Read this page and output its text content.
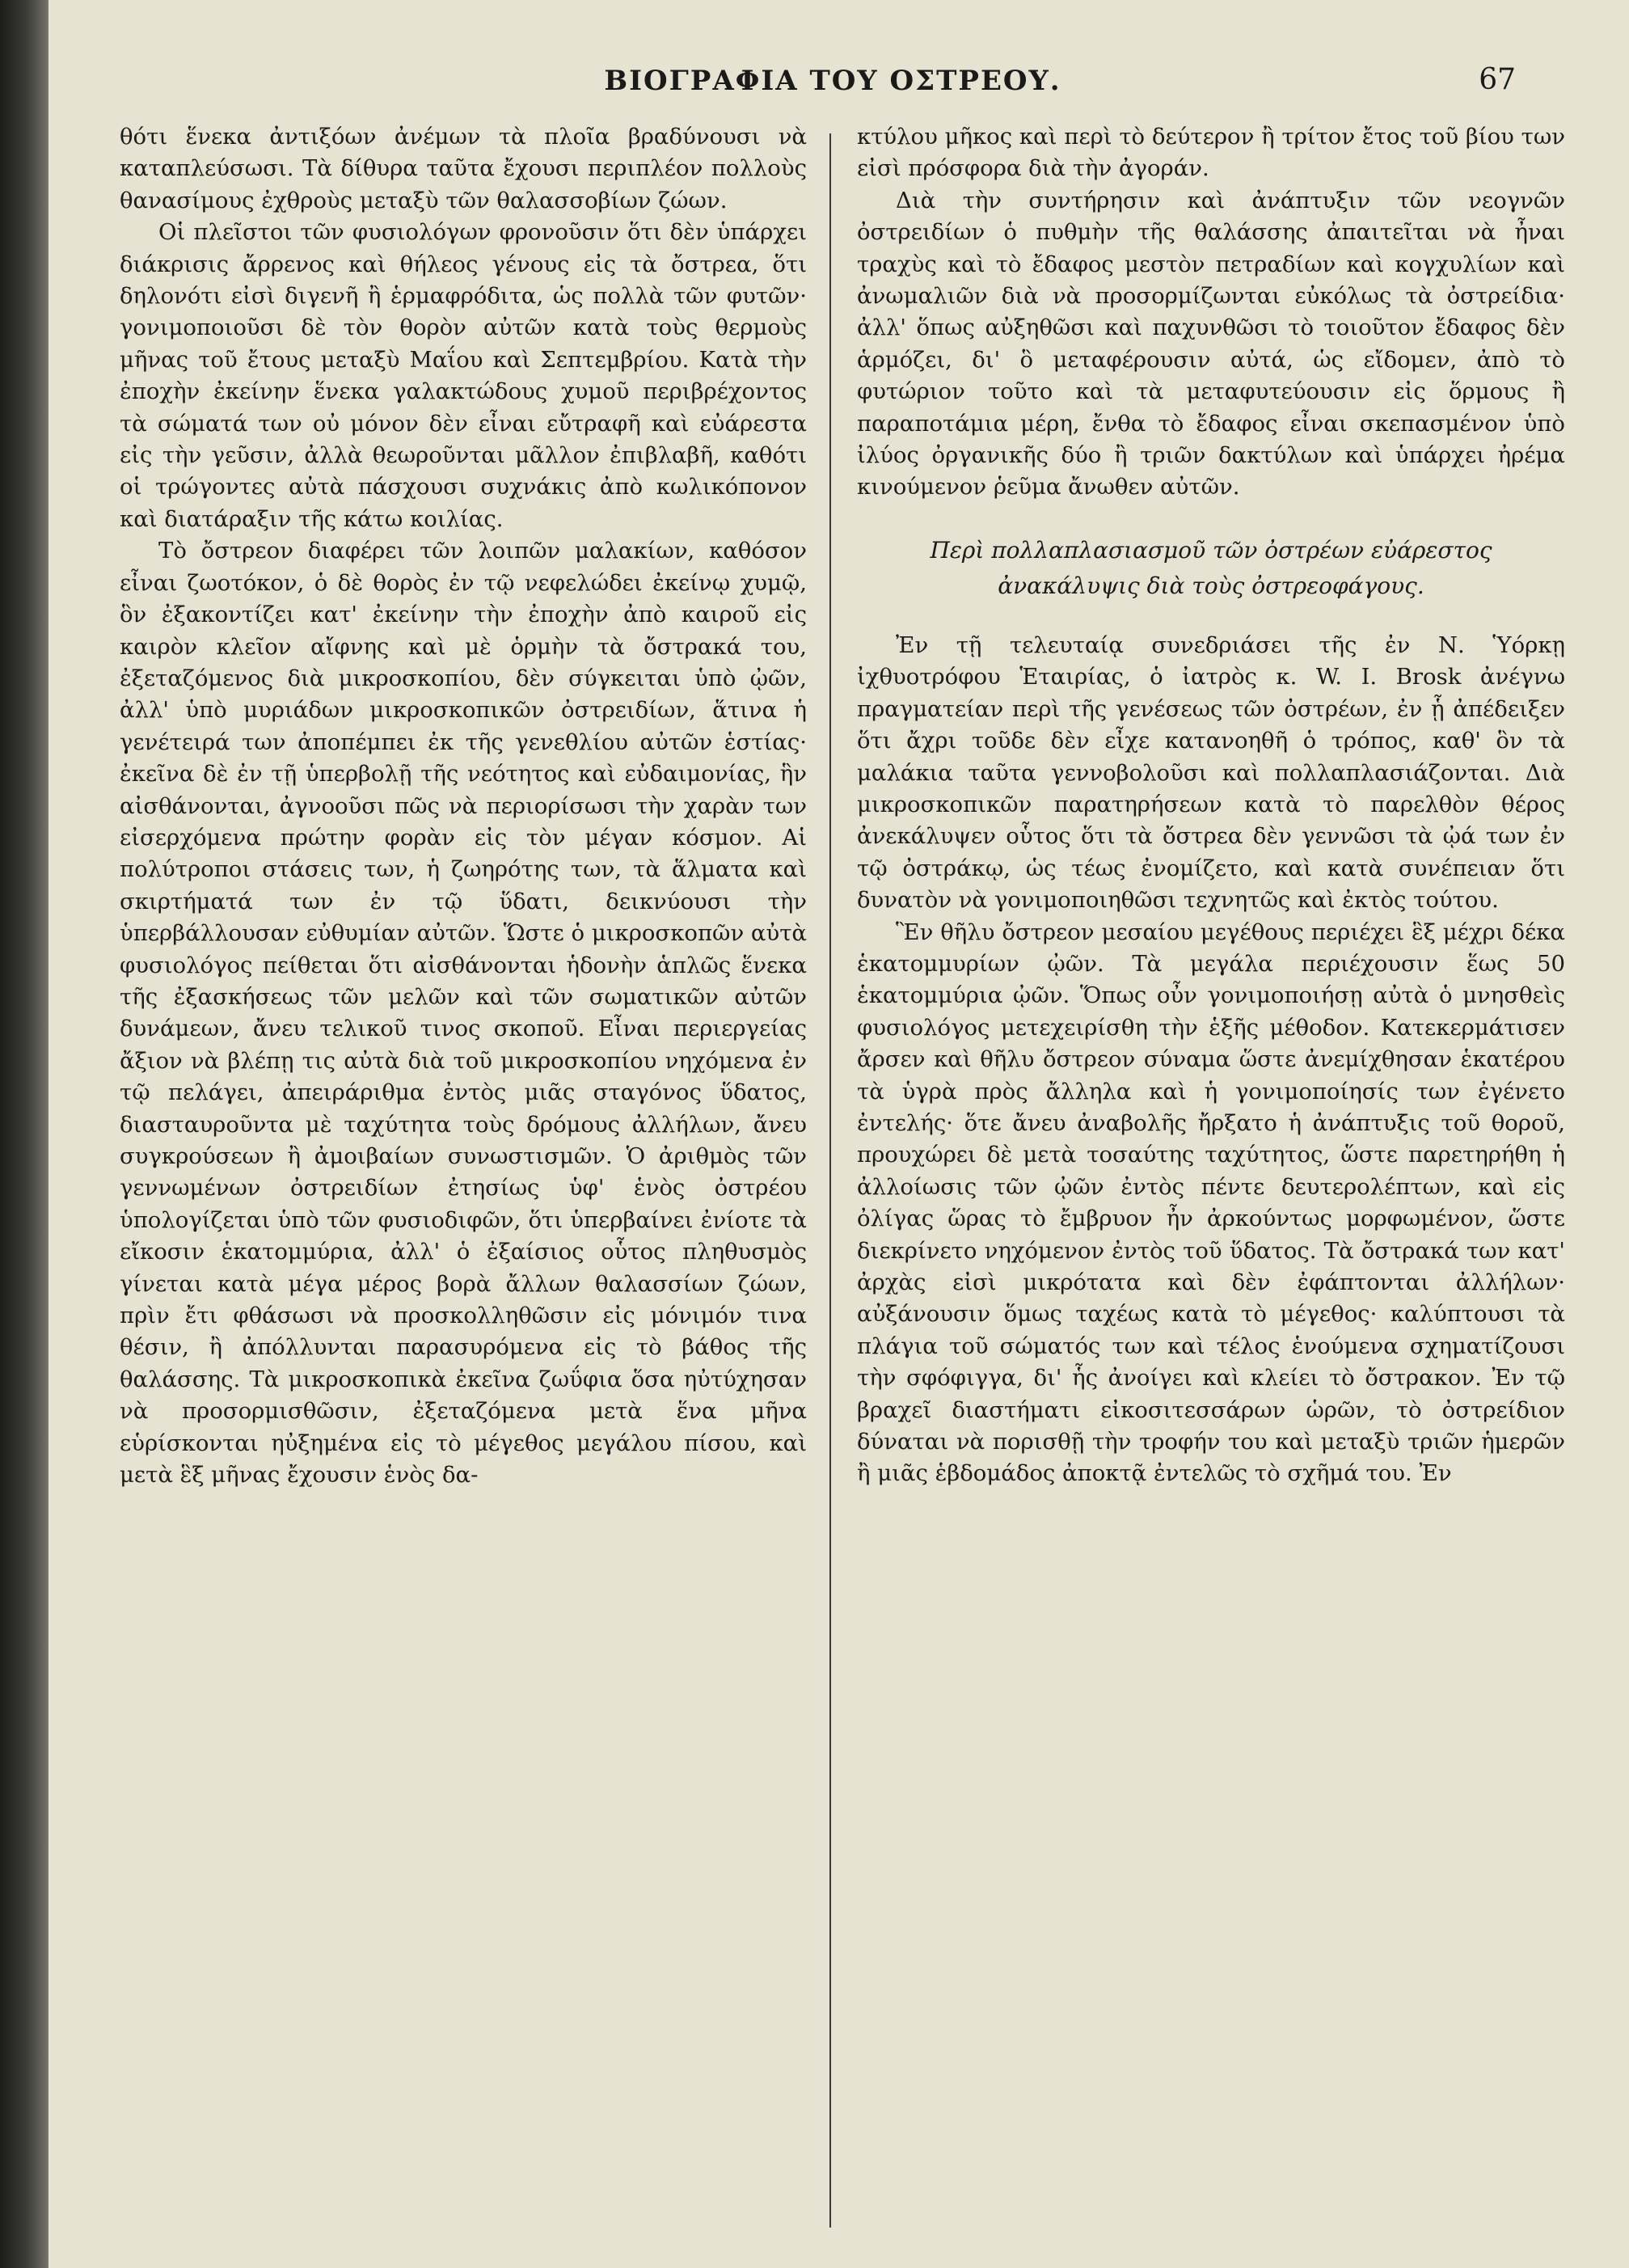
ΒΙΟΓΡΑΦΙΑ ΤΟΥ ΟΣΤΡΕΟΥ.	67

θότι ἕνεκα ἀντιξόων ἀνέμων τὰ πλοῖα βραδύνουσι νὰ καταπλεύσωσι. Τὰ δίθυρα ταῦτα ἔχουσι περιπλέον πολλοὺς θανασίμους ἐχθροὺς μεταξὺ τῶν θαλασσοβίων ζώων.

Οἱ πλεῖστοι τῶν φυσιολόγων φρονοῦσιν ὅτι δὲν ὑπάρχει διάκρισις ἄρρενος καὶ θήλεος γένους εἰς τὰ ὄστρεα, ὅτι δηλονότι εἰσὶ διγενῆ ἢ ἑρμαφρόδιτα, ὡς πολλὰ τῶν φυτῶν· γονιμοποιοῦσι δὲ τὸν θορὸν αὐτῶν κατὰ τοὺς θερμοὺς μῆνας τοῦ ἔτους μεταξὺ Μαΐου καὶ Σεπτεμβρίου. Κατὰ τὴν ἐποχὴν ἐκείνην ἕνεκα γαλακτώδους χυμοῦ περιβρέχοντος τὰ σώματά των οὐ μόνον δὲν εἶναι εὔτραφῆ καὶ εὐάρεστα εἰς τὴν γεῦσιν, ἀλλὰ θεωροῦνται μᾶλλον ἐπιβλαβῆ, καθότι οἱ τρώγοντες αὐτὰ πάσχουσι συχνάκις ἀπὸ κωλικόπονον καὶ διατάραξιν τῆς κάτω κοιλίας.

Τὸ ὄστρεον διαφέρει τῶν λοιπῶν μαλακίων, καθόσον εἶναι ζωοτόκον, ὁ δὲ θορὸς ἐν τῷ νεφελώδει ἐκείνῳ χυμῷ, ὃν ἐξακοντίζει κατ' ἐκείνην τὴν ἐποχὴν ἀπὸ καιροῦ εἰς καιρὸν κλεῖον αἴφνης καὶ μὲ ὁρμὴν τὰ ὄστρακά του, ἐξεταζόμενος διὰ μικροσκοπίου, δὲν σύγκειται ὑπὸ ᾠῶν, ἀλλ' ὑπὸ μυριάδων μικροσκοπικῶν ὀστρειδίων, ἅτινα ἡ γενέτειρά των ἀποπέμπει ἐκ τῆς γενεθλίου αὐτῶν ἑστίας· ἐκεῖνα δὲ ἐν τῇ ὑπερβολῇ τῆς νεότητος καὶ εὐδαιμονίας, ἣν αἰσθάνονται, ἀγνοοῦσι πῶς νὰ περιορίσωσι τὴν χαρὰν των εἰσερχόμενα πρώτην φορὰν εἰς τὸν μέγαν κόσμον. Αἱ πολύτροποι στάσεις των, ἡ ζωηρότης των, τὰ ἅλματα καὶ σκιρτήματά των ἐν τῷ ὕδατι, δεικνύουσι τὴν ὑπερβάλλουσαν εὐθυμίαν αὐτῶν. Ὥστε ὁ μικροσκοπῶν αὐτὰ φυσιολόγος πείθεται ὅτι αἰσθάνονται ἡδονὴν ἁπλῶς ἕνεκα τῆς ἐξασκήσεως τῶν μελῶν καὶ τῶν σωματικῶν αὐτῶν δυνάμεων, ἄνευ τελικοῦ τινος σκοποῦ. Εἶναι περιεργείας ἄξιον νὰ βλέπῃ τις αὐτὰ διὰ τοῦ μικροσκοπίου νηχόμενα ἐν τῷ πελάγει, ἀπειράριθμα ἐντὸς μιᾶς σταγόνος ὕδατος, διασταυροῦντα μὲ ταχύτητα τοὺς δρόμους ἀλλήλων, ἄνευ συγκρούσεων ἢ ἀμοιβαίων συνωστισμῶν. Ὁ ἀριθμὸς τῶν γεννωμένων ὀστρειδίων ἐτησίως ὑφ' ἑνὸς ὀστρέου ὑπολογίζεται ὑπὸ τῶν φυσιοδιφῶν, ὅτι ὑπερβαίνει ἐνίοτε τὰ εἴκοσιν ἑκατομμύρια, ἀλλ' ὁ ἐξαίσιος οὗτος πληθυσμὸς γίνεται κατὰ μέγα μέρος βορὰ ἄλλων θαλασσίων ζώων, πρὶν ἔτι φθάσωσι νὰ προσκολληθῶσιν εἰς μόνιμόν τινα θέσιν, ἢ ἀπόλλυνται παρασυρόμενα εἰς τὸ βάθος τῆς θαλάσσης. Τὰ μικροσκοπικὰ ἐκεῖνα ζωΰφια ὅσα ηὐτύχησαν νὰ προσορμισθῶσιν, ἐξεταζόμενα μετὰ ἕνα μῆνα εὑρίσκονται ηὐξημένα εἰς τὸ μέγεθος μεγάλου πίσου, καὶ μετὰ ἓξ μῆνας ἔχουσιν ἑνὸς δα-

κτύλου μῆκος καὶ περὶ τὸ δεύτερον ἢ τρίτον ἔτος τοῦ βίου των εἰσὶ πρόσφορα διὰ τὴν ἀγοράν.

Διὰ τὴν συντήρησιν καὶ ἀνάπτυξιν τῶν νεογνῶν ὀστρειδίων ὁ πυθμὴν τῆς θαλάσσης ἀπαιτεῖται νὰ ἦναι τραχὺς καὶ τὸ ἔδαφος μεστὸν πετραδίων καὶ κογχυλίων καὶ ἀνωμαλιῶν διὰ νὰ προσορμίζωνται εὐκόλως τὰ ὀστρείδια· ἀλλ' ὅπως αὐξηθῶσι καὶ παχυνθῶσι τὸ τοιοῦτον ἔδαφος δὲν ἁρμόζει, δι' ὃ μεταφέρουσιν αὐτά, ὡς εἴδομεν, ἀπὸ τὸ φυτώριον τοῦτο καὶ τὰ μεταφυτεύουσιν εἰς ὅρμους ἢ παραποτάμια μέρη, ἔνθα τὸ ἔδαφος εἶναι σκεπασμένον ὑπὸ ἰλύος ὀργανικῆς δύο ἢ τριῶν δακτύλων καὶ ὑπάρχει ἠρέμα κινούμενον ῥεῦμα ἄνωθεν αὐτῶν.

Περὶ πολλαπλασιασμοῦ τῶν ὀστρέων εὐάρεστος ἀνακάλυψις διὰ τοὺς ὀστρεοφάγους.

Ἐν τῇ τελευταίᾳ συνεδριάσει τῆς ἐν Ν. Ὑόρκῃ ἰχθυοτρόφου Ἑταιρίας, ὁ ἰατρὸς κ. W. I. Brosk ἀνέγνω πραγματείαν περὶ τῆς γενέσεως τῶν ὀστρέων, ἐν ᾗ ἀπέδειξεν ὅτι ἄχρι τοῦδε δὲν εἶχε κατανοηθῆ ὁ τρόπος, καθ' ὃν τὰ μαλάκια ταῦτα γεννοβολοῦσι καὶ πολλαπλασιάζονται. Διὰ μικροσκοπικῶν παρατηρήσεων κατὰ τὸ παρελθὸν θέρος ἀνεκάλυψεν οὗτος ὅτι τὰ ὄστρεα δὲν γεννῶσι τὰ ᾠά των ἐν τῷ ὀστράκῳ, ὡς τέως ἐνομίζετο, καὶ κατὰ συνέπειαν ὅτι δυνατὸν νὰ γονιμοποιηθῶσι τεχνητῶς καὶ ἐκτὸς τούτου.

Ἓν θῆλυ ὄστρεον μεσαίου μεγέθους περιέχει ἓξ μέχρι δέκα ἑκατομμυρίων ᾠῶν. Τὰ μεγάλα περιέχουσιν ἕως 50 ἑκατομμύρια ᾠῶν. Ὅπως οὖν γονιμοποιήσῃ αὐτὰ ὁ μνησθεὶς φυσιολόγος μετεχειρίσθη τὴν ἑξῆς μέθοδον. Κατεκερμάτισεν ἄρσεν καὶ θῆλυ ὄστρεον σύναμα ὥστε ἀνεμίχθησαν ἑκατέρου τὰ ὑγρὰ πρὸς ἄλληλα καὶ ἡ γονιμοποίησίς των ἐγένετο ἐντελής· ὅτε ἄνευ ἀναβολῆς ἤρξατο ἡ ἀνάπτυξις τοῦ θοροῦ, προυχώρει δὲ μετὰ τοσαύτης ταχύτητος, ὥστε παρετηρήθη ἡ ἀλλοίωσις τῶν ᾠῶν ἐντὸς πέντε δευτερολέπτων, καὶ εἰς ὀλίγας ὥρας τὸ ἔμβρυον ἦν ἀρκούντως μορφωμένον, ὥστε διεκρίνετο νηχόμενον ἐντὸς τοῦ ὕδατος. Τὰ ὄστρακά των κατ' ἀρχὰς εἰσὶ μικρότατα καὶ δὲν ἐφάπτονται ἀλλήλων· αὐξάνουσιν ὅμως ταχέως κατὰ τὸ μέγεθος· καλύπτουσι τὰ πλάγια τοῦ σώματός των καὶ τέλος ἑνούμενα σχηματίζουσι τὴν σφόφιγγα, δι' ἧς ἀνοίγει καὶ κλείει τὸ ὄστρακον. Ἐν τῷ βραχεῖ διαστήματι εἰκοσιτεσσάρων ὡρῶν, τὸ ὀστρείδιον δύναται νὰ πορισθῇ τὴν τροφήν του καὶ μεταξὺ τριῶν ἡμερῶν ἢ μιᾶς ἑβδομάδος ἀποκτᾷ ἐντελῶς τὸ σχῆμά του. Ἐν
